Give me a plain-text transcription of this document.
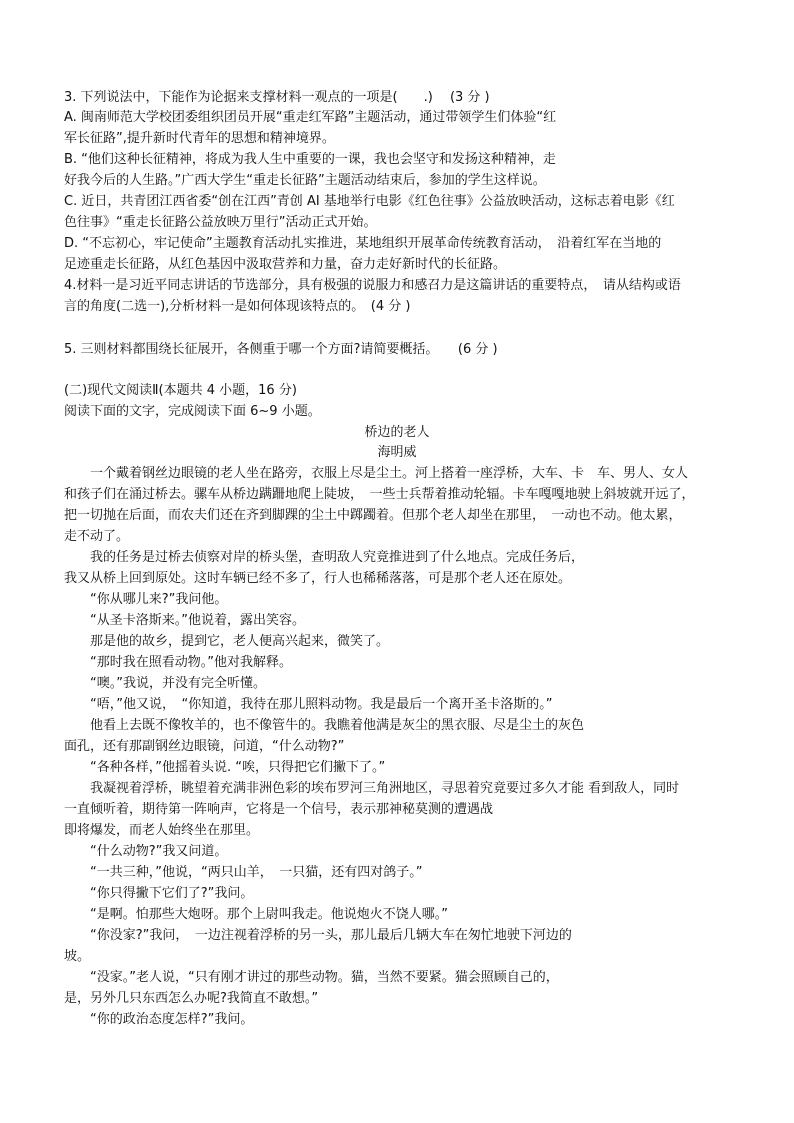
3. 下列说法中，下能作为论据来支撑材料一观点的一项是(　　.)　 (3 分 )
A. 闽南师范大学校团委组织团员开展“重走红军路”主题活动，通过带领学生们体验“红
军长征路”,提升新时代青年的思想和精神境界。
B. “他们这种长征精神，将成为我人生中重要的一课，我也会坚守和发扬这种精神，走
好我今后的人生路。”广西大学生“重走长征路”主题活动结束后，参加的学生这样说。
C. 近日，共青团江西省委“创在江西”青创 AI 基地举行电影《红色往事》公益放映活动，这标志着电影《红
色往事》“重走长征路公益放映万里行”活动正式开始。
D. “不忘初心，牢记使命”主题教育活动扎实推进，某地组织开展革命传统教育活动，　沿着红军在当地的
足迹重走长征路，从红色基因中汲取营养和力量，奋力走好新时代的长征路。
4.材料一是习近平同志讲话的节选部分，具有极强的说服力和感召力是这篇讲话的重要特点，　请从结构或语
言的角度(二选一),分析材料一是如何体现该特点的。　(4 分 )
5. 三则材料都围绕长征展开，各侧重于哪一个方面?请简要概括。　　(6 分 )
(二)现代文阅读Ⅱ(本题共 4 小题，16 分)
阅读下面的文字，完成阅读下面 6~9 小题。
桥边的老人
海明威
　　一个戴着钢丝边眼镜的老人坐在路旁，衣服上尽是尘土。河上搭着一座浮桥，大车、卡　车、男人、女人
和孩子们在涌过桥去。骡车从桥边蹒跚地爬上陡坡，　一些士兵帮着推动轮辐。卡车嘎嘎地驶上斜坡就开远了，
把一切抛在后面，而农夫们还在齐到脚踝的尘土中踯躅着。但那个老人却坐在那里，　一动也不动。他太累，
走不动了。
　　我的任务是过桥去侦察对岸的桥头堡，查明敌人究竟推进到了什么地点。完成任务后，
我又从桥上回到原处。这时车辆已经不多了，行人也稀稀落落，可是那个老人还在原处。
　　“你从哪儿来?”我问他。
　　“从圣卡洛斯来。”他说着，露出笑容。
　　那是他的故乡，提到它，老人便高兴起来，微笑了。
　　“那时我在照看动物。”他对我解释。
　　“噢。”我说，并没有完全听懂。
　　“唔，”他又说，　“你知道，我待在那儿照料动物。我是最后一个离开圣卡洛斯的。”
　　他看上去既不像牧羊的，也不像管牛的。我瞧着他满是灰尘的黑衣服、尽是尘土的灰色
面孔，还有那副钢丝边眼镜，问道，“什么动物?”
　　“各种各样，”他摇着头说. “唉，只得把它们撇下了。”
　　我凝视着浮桥，眺望着充满非洲色彩的埃布罗河三角洲地区，寻思着究竟要过多久才能 看到敌人，同时
一直倾听着，期待第一阵响声，它将是一个信号，表示那神秘莫测的遭遇战
即将爆发，而老人始终坐在那里。
　　“什么动物?”我又问道。
　　“一共三种，”他说，“两只山羊，　一只猫，还有四对鸽子。”
　　“你只得撇下它们了?”我问。
　　“是啊。怕那些大炮呀。那个上尉叫我走。他说炮火不饶人哪。”
　　“你没家?”我问，　一边注视着浮桥的另一头，那儿最后几辆大车在匆忙地驶下河边的
坡。
　　“没家。”老人说，“只有刚才讲过的那些动物。猫，当然不要紧。猫会照顾自己的，
是，另外几只东西怎么办呢?我简直不敢想。”
　　“你的政治态度怎样?”我问。
